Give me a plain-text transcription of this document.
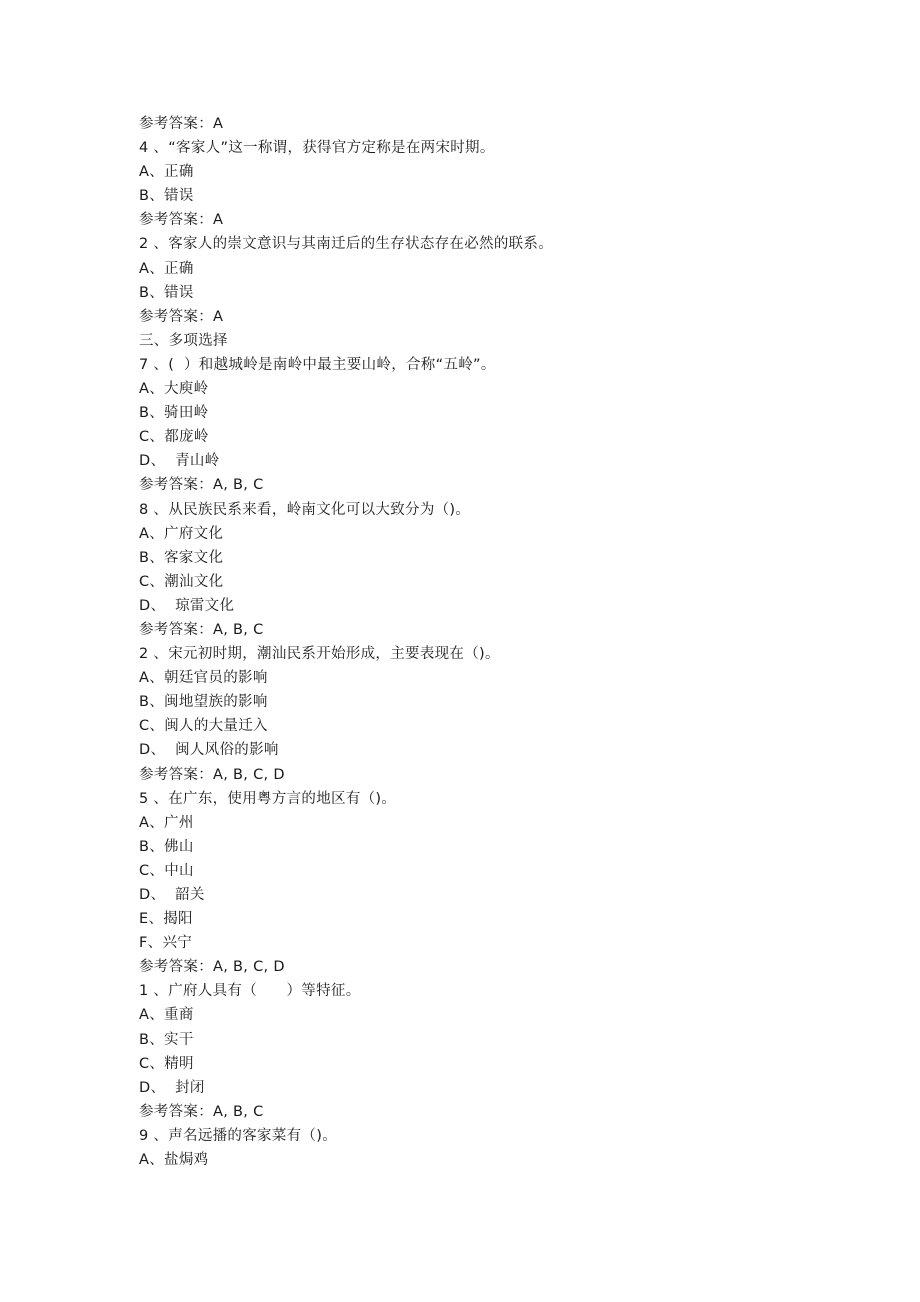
参考答案：A
4 、“客家人”这一称谓，获得官方定称是在两宋时期。
A、正确
B、错误
参考答案：A
2 、客家人的崇文意识与其南迁后的生存状态存在必然的联系。
A、正确
B、错误
参考答案：A
三、多项选择
7 、(  ）和越城岭是南岭中最主要山岭，合称“五岭”。
A、大庾岭
B、骑田岭
C、都庞岭
D、  青山岭
参考答案：A, B, C
8 、从民族民系来看，岭南文化可以大致分为（)。
A、广府文化
B、客家文化
C、潮汕文化
D、  琼雷文化
参考答案：A, B, C
2 、宋元初时期，潮汕民系开始形成，主要表现在（)。
A、朝廷官员的影响
B、闽地望族的影响
C、闽人的大量迁入
D、  闽人风俗的影响
参考答案：A, B, C, D
5 、在广东，使用粤方言的地区有（)。
A、广州
B、佛山
C、中山
D、  韶关
E、揭阳
F、兴宁
参考答案：A, B, C, D
1 、广府人具有（      ）等特征。
A、重商
B、实干
C、精明
D、  封闭
参考答案：A, B, C
9 、声名远播的客家菜有（)。
A、盐焗鸡
